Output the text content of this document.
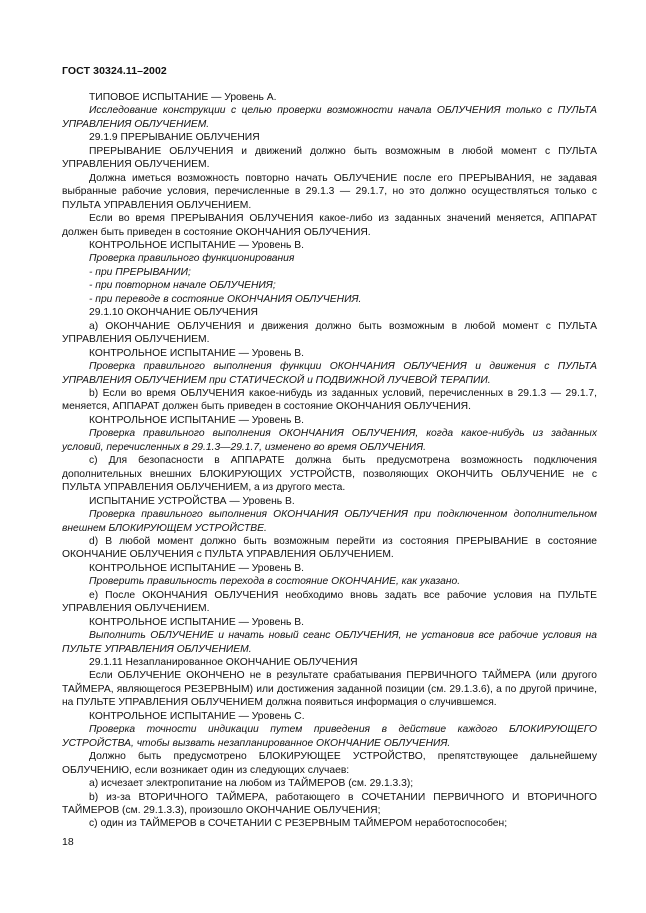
ГОСТ 30324.11–2002

ТИПОВОЕ ИСПЫТАНИЕ — Уровень А.

Исследование конструкции с целью проверки возможности начала ОБЛУЧЕНИЯ только с ПУЛЬТА УПРАВЛЕНИЯ ОБЛУЧЕНИЕМ.

29.1.9 ПРЕРЫВАНИЕ ОБЛУЧЕНИЯ

ПРЕРЫВАНИЕ ОБЛУЧЕНИЯ и движений должно быть возможным в любой момент с ПУЛЬТА УПРАВЛЕНИЯ ОБЛУЧЕНИЕМ.

Должна иметься возможность повторно начать ОБЛУЧЕНИЕ после его ПРЕРЫВАНИЯ, не задавая выбранные рабочие условия, перечисленные в 29.1.3 — 29.1.7, но это должно осуществляться только с ПУЛЬТА УПРАВЛЕНИЯ ОБЛУЧЕНИЕМ.

Если во время ПРЕРЫВАНИЯ ОБЛУЧЕНИЯ какое-либо из заданных значений меняется, АППАРАТ должен быть приведен в состояние ОКОНЧАНИЯ ОБЛУЧЕНИЯ.

КОНТРОЛЬНОЕ ИСПЫТАНИЕ — Уровень В.

Проверка правильного функционирования

- при ПРЕРЫВАНИИ;

- при повторном начале ОБЛУЧЕНИЯ;

- при переводе в состояние ОКОНЧАНИЯ ОБЛУЧЕНИЯ.

29.1.10 ОКОНЧАНИЕ ОБЛУЧЕНИЯ

а) ОКОНЧАНИЕ ОБЛУЧЕНИЯ и движения должно быть возможным в любой момент с ПУЛЬТА УПРАВЛЕНИЯ ОБЛУЧЕНИЕМ.

КОНТРОЛЬНОЕ ИСПЫТАНИЕ — Уровень В.

Проверка правильного выполнения функции ОКОНЧАНИЯ ОБЛУЧЕНИЯ и движения с ПУЛЬТА УПРАВЛЕНИЯ ОБЛУЧЕНИЕМ при СТАТИЧЕСКОЙ и ПОДВИЖНОЙ ЛУЧЕВОЙ ТЕРАПИИ.

b) Если во время ОБЛУЧЕНИЯ какое-нибудь из заданных условий, перечисленных в 29.1.3 — 29.1.7, меняется, АППАРАТ должен быть приведен в состояние ОКОНЧАНИЯ ОБЛУЧЕНИЯ.

КОНТРОЛЬНОЕ ИСПЫТАНИЕ — Уровень В.

Проверка правильного выполнения ОКОНЧАНИЯ ОБЛУЧЕНИЯ, когда какое-нибудь из заданных условий, перечисленных в 29.1.3—29.1.7, изменено во время ОБЛУЧЕНИЯ.

с) Для безопасности в АППАРАТЕ должна быть предусмотрена возможность подключения дополнительных внешних БЛОКИРУЮЩИХ УСТРОЙСТВ, позволяющих ОКОНЧИТЬ ОБЛУЧЕНИЕ не с ПУЛЬТА УПРАВЛЕНИЯ ОБЛУЧЕНИЕМ, а из другого места.

ИСПЫТАНИЕ УСТРОЙСТВА — Уровень В.

Проверка правильного выполнения ОКОНЧАНИЯ ОБЛУЧЕНИЯ при подключенном дополнительном внешнем БЛОКИРУЮЩЕМ УСТРОЙСТВЕ.

d) В любой момент должно быть возможным перейти из состояния ПРЕРЫВАНИЕ в состояние ОКОНЧАНИЕ ОБЛУЧЕНИЯ с ПУЛЬТА УПРАВЛЕНИЯ ОБЛУЧЕНИЕМ.

КОНТРОЛЬНОЕ ИСПЫТАНИЕ — Уровень В.

Проверить правильность перехода в состояние ОКОНЧАНИЕ, как указано.

е) После ОКОНЧАНИЯ ОБЛУЧЕНИЯ необходимо вновь задать все рабочие условия на ПУЛЬТЕ УПРАВЛЕНИЯ ОБЛУЧЕНИЕМ.

КОНТРОЛЬНОЕ ИСПЫТАНИЕ — Уровень В.

Выполнить ОБЛУЧЕНИЕ и начать новый сеанс ОБЛУЧЕНИЯ, не установив все рабочие условия на ПУЛЬТЕ УПРАВЛЕНИЯ ОБЛУЧЕНИЕМ.

29.1.11 Незапланированное ОКОНЧАНИЕ ОБЛУЧЕНИЯ

Если ОБЛУЧЕНИЕ ОКОНЧЕНО не в результате срабатывания ПЕРВИЧНОГО ТАЙМЕРА (или другого ТАЙМЕРА, являющегося РЕЗЕРВНЫМ) или достижения заданной позиции (см. 29.1.3.6), а по другой причине, на ПУЛЬТЕ УПРАВЛЕНИЯ ОБЛУЧЕНИЕМ должна появиться информация о случившемся.

КОНТРОЛЬНОЕ ИСПЫТАНИЕ — Уровень С.

Проверка точности индикации путем приведения в действие каждого БЛОКИРУЮЩЕГО УСТРОЙСТВА, чтобы вызвать незапланированное ОКОНЧАНИЕ ОБЛУЧЕНИЯ.

Должно быть предусмотрено БЛОКИРУЮЩЕЕ УСТРОЙСТВО, препятствующее дальнейшему ОБЛУЧЕНИЮ, если возникает один из следующих случаев:

а) исчезает электропитание на любом из ТАЙМЕРОВ (см. 29.1.3.3);

b) из-за ВТОРИЧНОГО ТАЙМЕРА, работающего в СОЧЕТАНИИ ПЕРВИЧНОГО И ВТОРИЧНОГО ТАЙМЕРОВ (см. 29.1.3.3), произошло ОКОНЧАНИЕ ОБЛУЧЕНИЯ;

с) один из ТАЙМЕРОВ в СОЧЕТАНИИ С РЕЗЕРВНЫМ ТАЙМЕРОМ неработоспособен;

18
